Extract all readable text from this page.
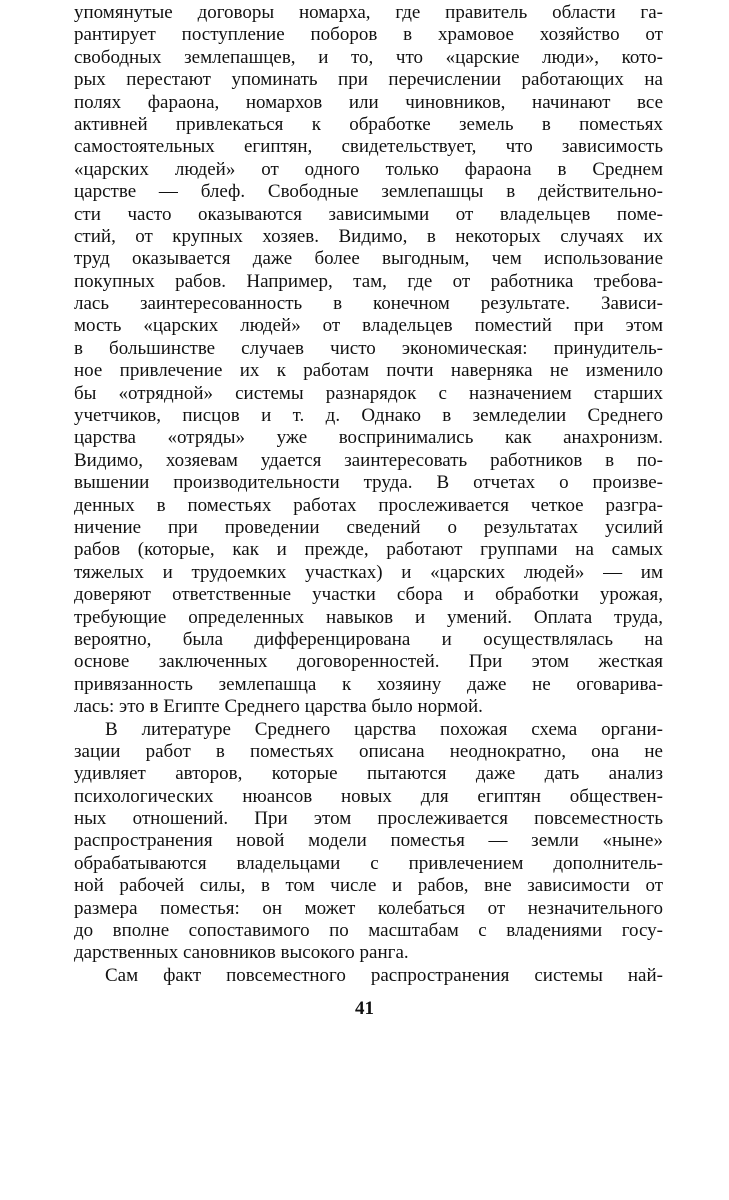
упомянутые договоры номарха, где правитель области га-
рантирует поступление поборов в храмовое хозяйство от
свободных землепашцев, и то, что «царские люди», кото-
рых перестают упоминать при перечислении работающих на
полях фараона, номархов или чиновников, начинают все
активней привлекаться к обработке земель в поместьях
самостоятельных египтян, свидетельствует, что зависимость
«царских людей» от одного только фараона в Среднем
царстве — блеф. Свободные землепашцы в действительно-
сти часто оказываются зависимыми от владельцев поме-
стий, от крупных хозяев. Видимо, в некоторых случаях их
труд оказывается даже более выгодным, чем использование
покупных рабов. Например, там, где от работника требова-
лась заинтересованность в конечном результате. Зависи-
мость «царских людей» от владельцев поместий при этом
в большинстве случаев чисто экономическая: принудитель-
ное привлечение их к работам почти наверняка не изменило
бы «отрядной» системы разнарядок с назначением старших
учетчиков, писцов и т. д. Однако в земледелии Среднего
царства «отряды» уже воспринимались как анахронизм.
Видимо, хозяевам удается заинтересовать работников в по-
вышении производительности труда. В отчетах о произве-
денных в поместьях работах прослеживается четкое разгра-
ничение при проведении сведений о результатах усилий
рабов (которые, как и прежде, работают группами на самых
тяжелых и трудоемких участках) и «царских людей» — им
доверяют ответственные участки сбора и обработки урожая,
требующие определенных навыков и умений. Оплата труда,
вероятно, была дифференцирована и осуществлялась на
основе заключенных договоренностей. При этом жесткая
привязанность землепашца к хозяину даже не оговарива-
лась: это в Египте Среднего царства было нормой.
В литературе Среднего царства похожая схема органи-
зации работ в поместьях описана неоднократно, она не
удивляет авторов, которые пытаются даже дать анализ
психологических нюансов новых для египтян обществен-
ных отношений. При этом прослеживается повсеместность
распространения новой модели поместья — земли «ныне»
обрабатываются владельцами с привлечением дополнитель-
ной рабочей силы, в том числе и рабов, вне зависимости от
размера поместья: он может колебаться от незначительного
до вполне сопоставимого по масштабам с владениями госу-
дарственных сановников высокого ранга.
Сам факт повсеместного распространения системы най-
41
